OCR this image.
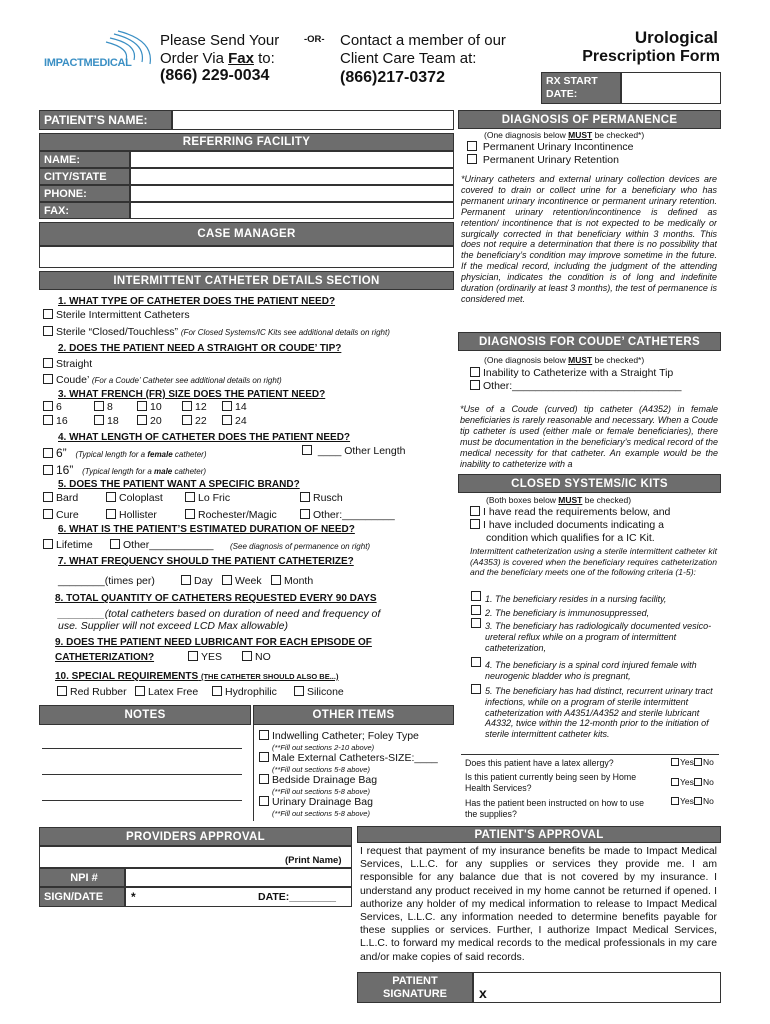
IMPACTMEDICAL
Please Send Your
Order Via Fax to:
(866) 229-0034
-OR- Contact a member of our
Client Care Team at:
(866)217-0372
Urological
Prescription Form
RX START
DATE:
PATIENT’S NAME:
REFERRING FACILITY
NAME:
CITY/STATE
PHONE:
FAX:
CASE MANAGER
INTERMITTENT CATHETER DETAILS SECTION
1. WHAT TYPE OF CATHETER DOES THE PATIENT NEED?
Sterile Intermittent Catheters
Sterile “Closed/Touchless” (For Closed Systems/IC Kits see additional details on right)
2. DOES THE PATIENT NEED A STRAIGHT OR COUDE’ TIP?
Straight
Coude’ (For a Coude’ Catheter see additional details on right)
3. WHAT FRENCH (FR) SIZE DOES THE PATIENT NEED?
6	8	10	12	14
16	18	20	22	24
4. WHAT LENGTH OF CATHETER DOES THE PATIENT NEED?
6” (Typical length for a female catheter)	____ Other Length
16” (Typical length for a male catheter)
5. DOES THE PATIENT WANT A SPECIFIC BRAND?
Bard	Coloplast	Lo Fric	Rusch
Cure	Hollister	Rochester/Magic	Other:_________
6. WHAT IS THE PATIENT’S ESTIMATED DURATION OF NEED?
Lifetime	Other___________ (See diagnosis of permanence on right)
7. WHAT FREQUENCY SHOULD THE PATIENT CATHETERIZE?
________(times per)	Day	Week	Month
8. TOTAL QUANTITY OF CATHETERS REQUESTED EVERY 90 DAYS
________(total catheters based on duration of need and frequency of
use. Supplier will not exceed LCD Max allowable)
9. DOES THE PATIENT NEED LUBRICANT FOR EACH EPISODE OF
CATHETERIZATION?	YES	NO
10. SPECIAL REQUIREMENTS (THE CATHETER SHOULD ALSO BE...)
Red Rubber	Latex Free	Hydrophilic	Silicone
NOTES	OTHER ITEMS
Indwelling Catheter; Foley Type
(**Fill out sections 2-10 above)
Male External Catheters-SIZE:____
(**Fill out sections 5-8 above)
Bedside Drainage Bag
(**Fill out sections 5-8 above)
Urinary Drainage Bag
(**Fill out sections 5-8 above)
PROVIDERS APPROVAL
(Print Name)
NPI #
SIGN/DATE	*	DATE:________
DIAGNOSIS OF PERMANENCE
(One diagnosis below MUST be checked*)
Permanent Urinary Incontinence
Permanent Urinary Retention
*Urinary catheters and external urinary collection devices are covered to drain or collect urine for a beneficiary who has permanent urinary incontinence or permanent urinary retention. Permanent urinary retention/incontinence is defined as retention/ incontinence that is not expected to be medically or surgically corrected in that beneficiary within 3 months. This does not require a determination that there is no possibility that the beneficiary’s condition may improve sometime in the future. If the medical record, including the judgment of the attending physician, indicates the condition is of long and indefinite duration (ordinarily at least 3 months), the test of permanence is considered met.
DIAGNOSIS FOR COUDE’ CATHETERS
(One diagnosis below MUST be checked*)
Inability to Catheterize with a Straight Tip
Other:_____________________________
*Use of a Coude (curved) tip catheter (A4352) in female beneficiaries is rarely reasonable and necessary. When a Coude tip catheter is used (either male or female beneficiaries), there must be documentation in the beneficiary’s medical record of the medical necessity for that catheter. An example would be the inability to catheterize with a
CLOSED SYSTEMS/IC KITS
(Both boxes below MUST be checked)
I have read the requirements below, and
I have included documents indicating a
condition which qualifies for a IC Kit.
Intermittent catheterization using a sterile intermittent catheter kit (A4353) is covered when the beneficiary requires catheterization and the beneficiary meets one of the following criteria (1-5):
1. The beneficiary resides in a nursing facility,
2. The beneficiary is immunosuppressed,
3. The beneficiary has radiologically documented vesico-ureteral reflux while on a program of intermittent catheterization,
4. The beneficiary is a spinal cord injured female with neurogenic bladder who is pregnant,
5. The beneficiary has had distinct, recurrent urinary tract infections, while on a program of sterile intermittent catheterization with A4351/A4352 and sterile lubricant A4332, twice within the 12-month prior to the initiation of sterile intermittent catheter kits.
Does this patient have a latex allergy?	Yes	No
Is this patient currently being seen by Home
Health Services?
Yes	No
Has the patient been instructed on how to use
the supplies?
Yes	No
PATIENT'S APPROVAL
I request that payment of my insurance benefits be made to Impact Medical Services, L.L.C. for any supplies or services they provide me. I am responsible for any balance due that is not covered by my insurance. I understand any product received in my home cannot be returned if opened. I authorize any holder of my medical information to release to Impact Medical Services, L.L.C. any information needed to determine benefits payable for these supplies or services. Further, I authorize Impact Medical Services, L.L.C. to forward my medical records to the medical professionals in my care and/or make copies of said records.
PATIENT
SIGNATURE x
